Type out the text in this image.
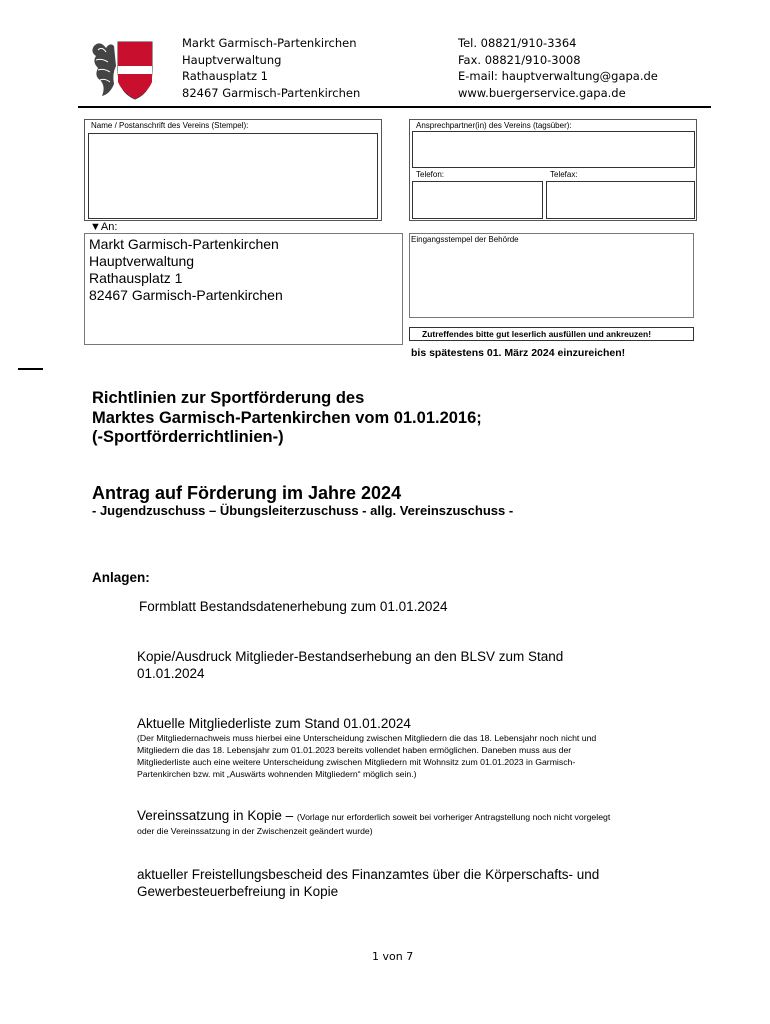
Markt Garmisch-Partenkirchen
Hauptverwaltung
Rathausplatz 1
82467 Garmisch-Partenkirchen
Tel. 08821/910-3364
Fax. 08821/910-3008
E-mail: hauptverwaltung@gapa.de
www.buergerservice.gapa.de
Name / Postanschrift des Vereins (Stempel):	Ansprechpartner(in) des Vereins (tagsüber):
Telefon:	Telefax:
▼An:
Markt Garmisch-Partenkirchen
Hauptverwaltung
Rathausplatz 1
82467 Garmisch-Partenkirchen
Eingangsstempel der Behörde
Zutreffendes bitte gut leserlich ausfüllen und ankreuzen!
bis spätestens 01. März 2024 einzureichen!
Richtlinien zur Sportförderung des
Marktes Garmisch-Partenkirchen vom 01.01.2016;
(-Sportförderrichtlinien-)
Antrag auf Förderung im Jahre 2024
- Jugendzuschuss – Übungsleiterzuschuss - allg. Vereinszuschuss -
Anlagen:
Formblatt Bestandsdatenerhebung zum 01.01.2024
Kopie/Ausdruck Mitglieder-Bestandserhebung an den BLSV zum Stand
01.01.2024
Aktuelle Mitgliederliste zum Stand 01.01.2024
(Der Mitgliedernachweis muss hierbei eine Unterscheidung zwischen Mitgliedern die das 18. Lebensjahr noch nicht und
Mitgliedern die das 18. Lebensjahr zum 01.01.2023 bereits vollendet haben ermöglichen. Daneben muss aus der
Mitgliederliste auch eine weitere Unterscheidung zwischen Mitgliedern mit Wohnsitz zum 01.01.2023 in Garmisch-
Partenkirchen bzw. mit „Auswärts wohnenden Mitgliedern“ möglich sein.)
Vereinssatzung in Kopie – (Vorlage nur erforderlich soweit bei vorheriger Antragstellung noch nicht vorgelegt
oder die Vereinssatzung in der Zwischenzeit geändert wurde)
aktueller Freistellungsbescheid des Finanzamtes über die Körperschafts- und
Gewerbesteuerbefreiung in Kopie
1 von 7
